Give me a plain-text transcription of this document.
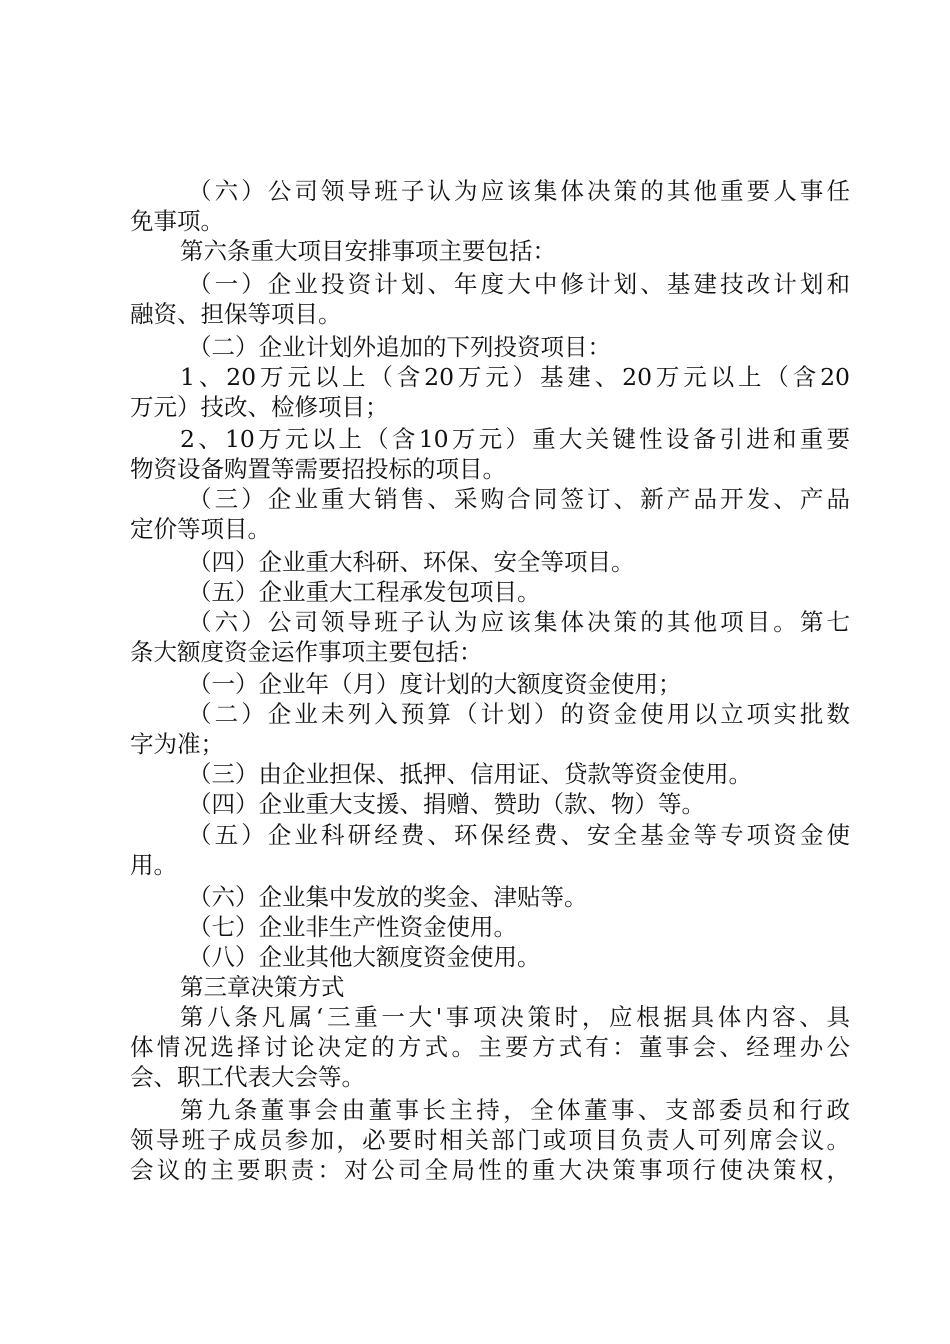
（六）公司领导班子认为应该集体决策的其他重要人事任
免事项。
第六条重大项目安排事项主要包括：
（一）企业投资计划、年度大中修计划、基建技改计划和
融资、担保等项目。
（二）企业计划外追加的下列投资项目：
1、20万元以上（含20万元）基建、20万元以上（含20
万元）技改、检修项目；
2、10万元以上（含10万元）重大关键性设备引进和重要
物资设备购置等需要招投标的项目。
（三）企业重大销售、采购合同签订、新产品开发、产品
定价等项目。
（四）企业重大科研、环保、安全等项目。
（五）企业重大工程承发包项目。
（六）公司领导班子认为应该集体决策的其他项目。第七
条大额度资金运作事项主要包括：
（一）企业年（月）度计划的大额度资金使用；
（二）企业未列入预算（计划）的资金使用以立项实批数
字为准；
（三）由企业担保、抵押、信用证、贷款等资金使用。
（四）企业重大支援、捐赠、赞助（款、物）等。
（五）企业科研经费、环保经费、安全基金等专项资金使
用。
（六）企业集中发放的奖金、津贴等。
（七）企业非生产性资金使用。
（八）企业其他大额度资金使用。
第三章决策方式
第八条凡属‘三重一大'事项决策时，应根据具体内容、具
体情况选择讨论决定的方式。主要方式有：董事会、经理办公
会、职工代表大会等。
第九条董事会由董事长主持，全体董事、支部委员和行政
领导班子成员参加，必要时相关部门或项目负责人可列席会议。
会议的主要职责：对公司全局性的重大决策事项行使决策权，
